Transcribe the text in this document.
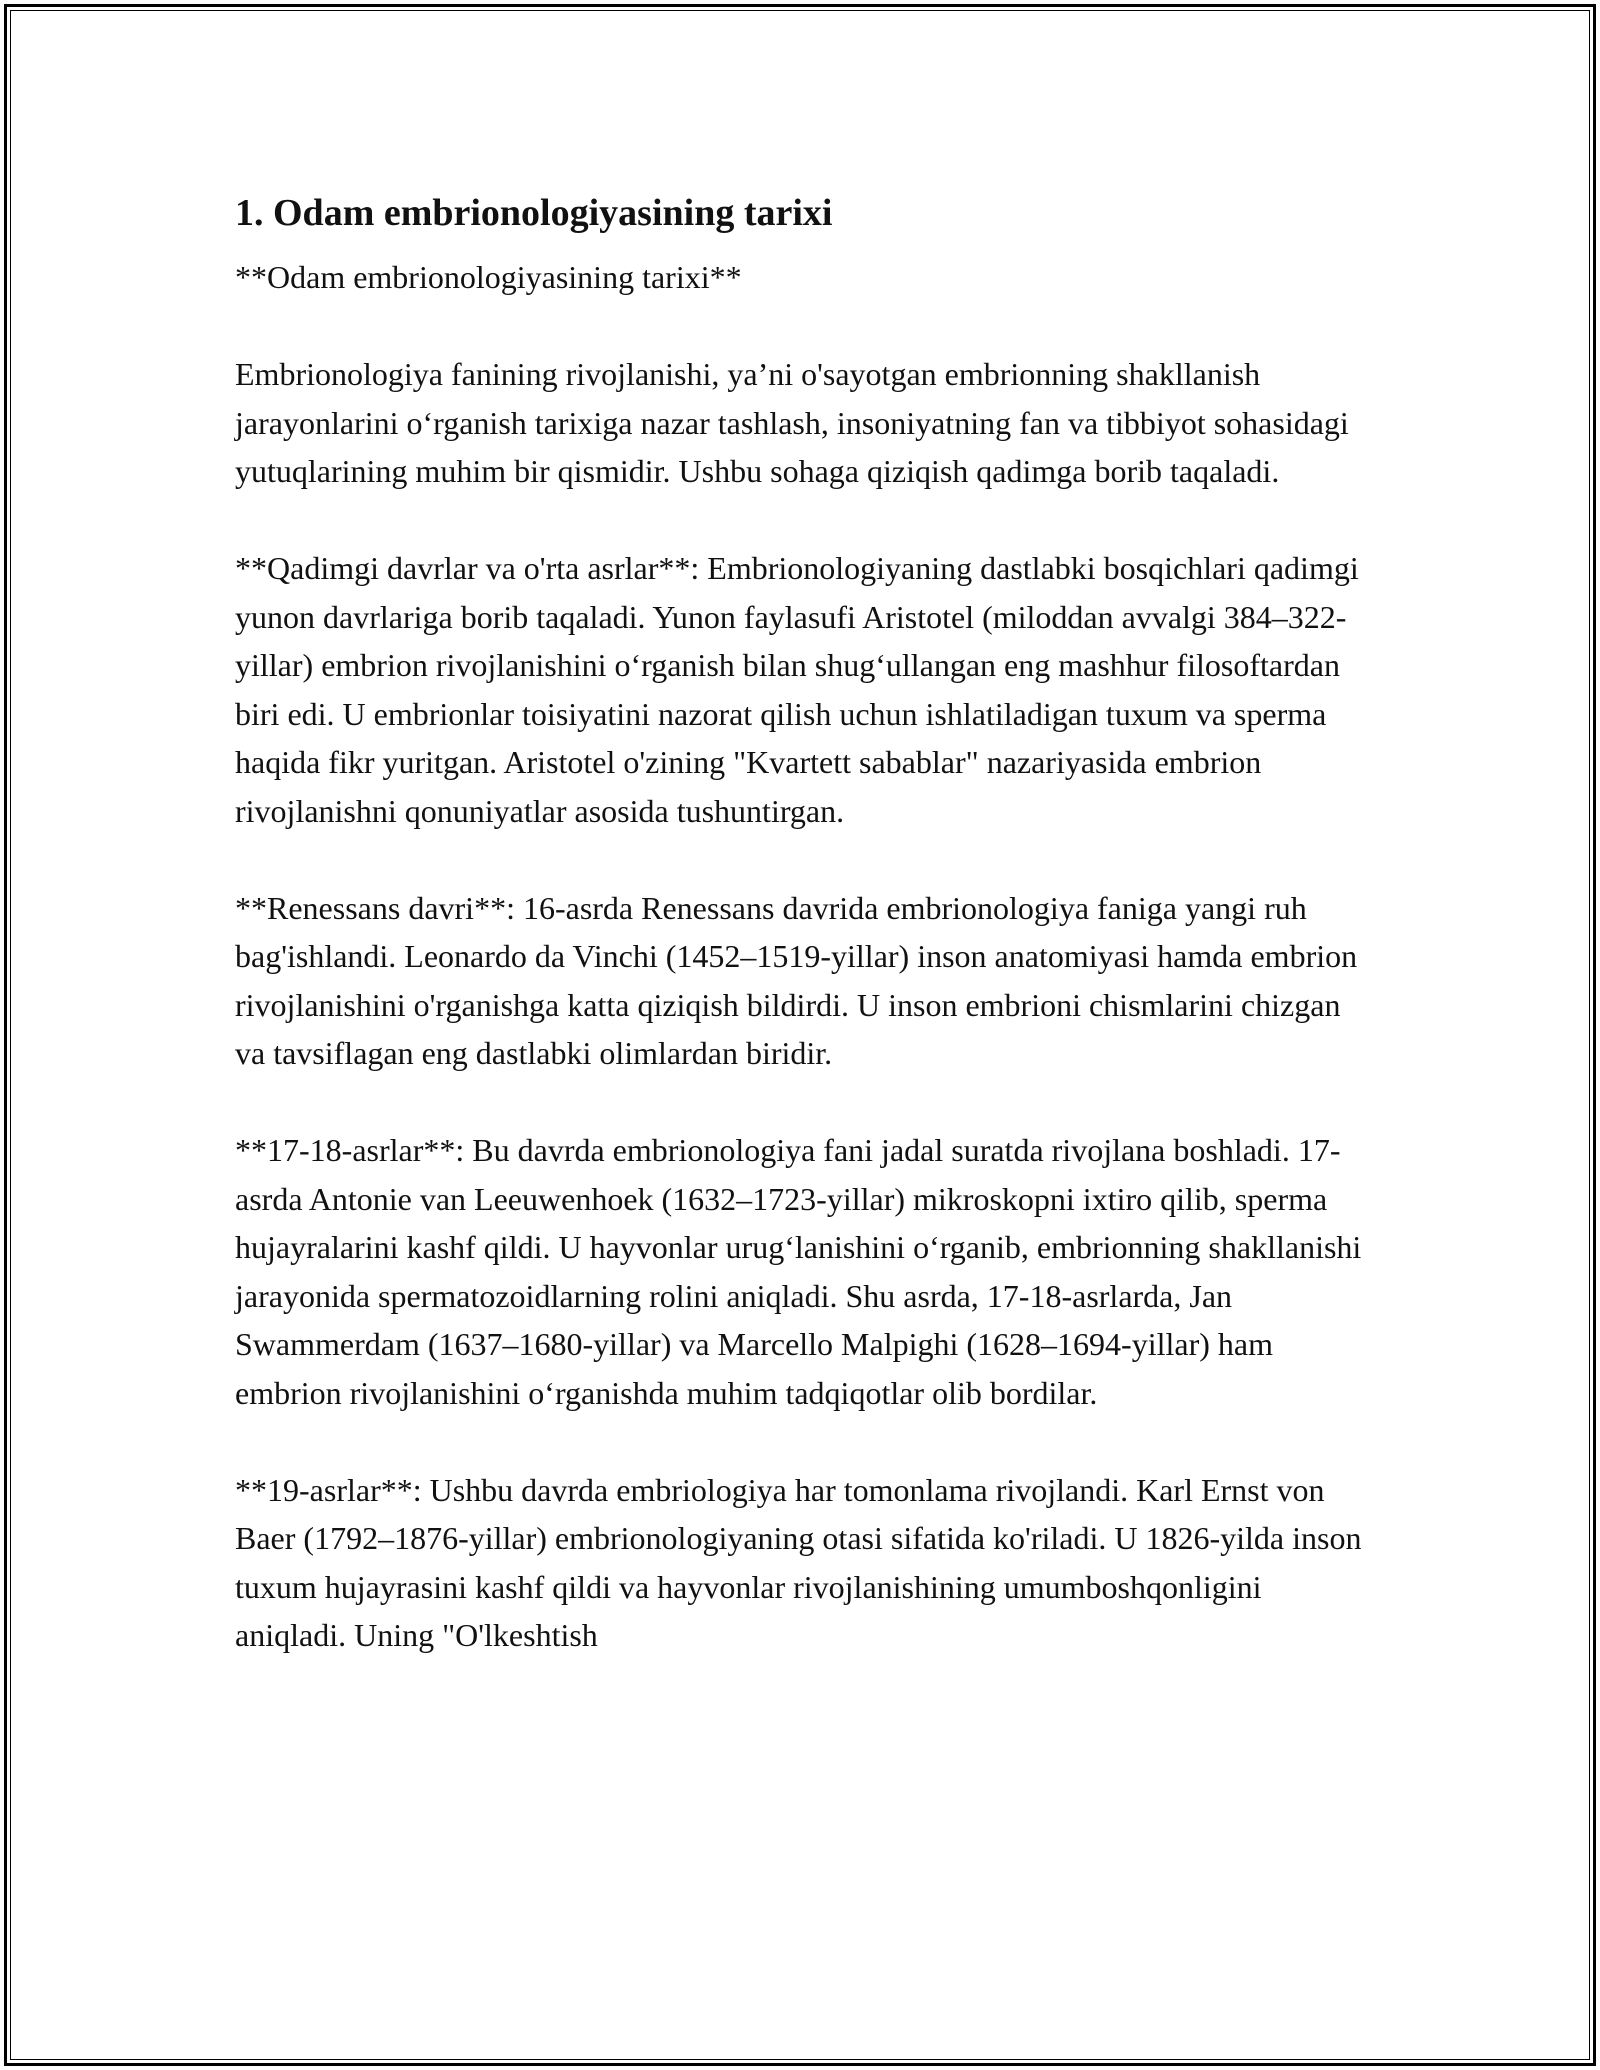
1. Odam embrionologiyasining tarixi

**Odam embrionologiyasining tarixi**

Embrionologiya fanining rivojlanishi, ya’ni o'sayotgan embrionning shakllanish jarayonlarini o‘rganish tarixiga nazar tashlash, insoniyatning fan va tibbiyot sohasidagi yutuqlarining muhim bir qismidir. Ushbu sohaga qiziqish qadimga borib taqaladi.

**Qadimgi davrlar va o'rta asrlar**: Embrionologiyaning dastlabki bosqichlari qadimgi yunon davrlariga borib taqaladi. Yunon faylasufi Aristotel (miloddan avvalgi 384–322-yillar) embrion rivojlanishini o‘rganish bilan shug‘ullangan eng mashhur filosoftardan biri edi. U embrionlar toisiyatini nazorat qilish uchun ishlatiladigan tuxum va sperma haqida fikr yuritgan. Aristotel o'zining "Kvartett sabablar" nazariyasida embrion rivojlanishni qonuniyatlar asosida tushuntirgan.

**Renessans davri**: 16-asrda Renessans davrida embrionologiya faniga yangi ruh bag'ishlandi. Leonardo da Vinchi (1452–1519-yillar) inson anatomiyasi hamda embrion rivojlanishini o'rganishga katta qiziqish bildirdi. U inson embrioni chismlarini chizgan va tavsiflagan eng dastlabki olimlardan biridir.

**17-18-asrlar**: Bu davrda embrionologiya fani jadal suratda rivojlana boshladi. 17-asrda Antonie van Leeuwenhoek (1632–1723-yillar) mikroskopni ixtiro qilib, sperma hujayralarini kashf qildi. U hayvonlar urug‘lanishini o‘rganib, embrionning shakllanishi jarayonida spermatozoidlarning rolini aniqladi. Shu asrda, 17-18-asrlarda, Jan Swammerdam (1637–1680-yillar) va Marcello Malpighi (1628–1694-yillar) ham embrion rivojlanishini o‘rganishda muhim tadqiqotlar olib bordilar.

**19-asrlar**: Ushbu davrda embriologiya har tomonlama rivojlandi. Karl Ernst von Baer (1792–1876-yillar) embrionologiyaning otasi sifatida ko'riladi. U 1826-yilda inson tuxum hujayrasini kashf qildi va hayvonlar rivojlanishining umumboshqonligini aniqladi. Uning "O'lkeshtish
